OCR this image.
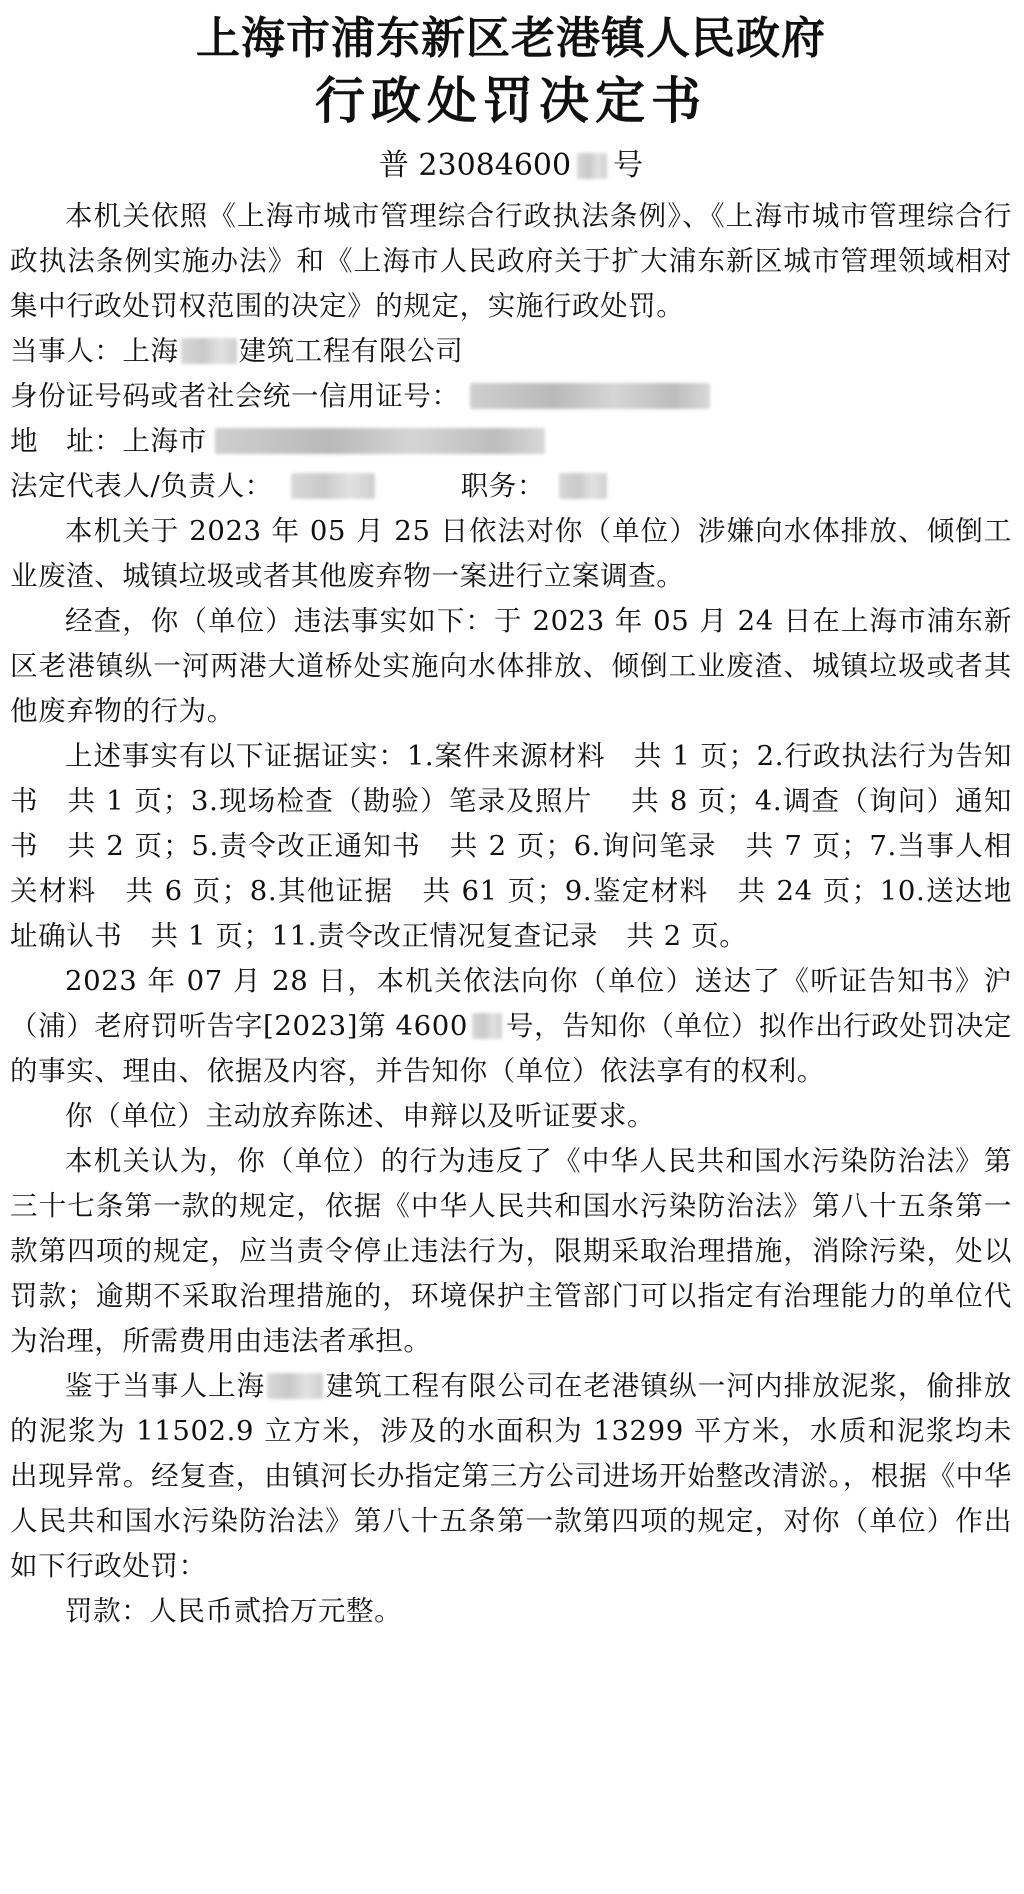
上海市浦东新区老港镇人民政府
行政处罚决定书
普 23084600 号

本机关依照《上海市城市管理综合行政执法条例》、《上海市城市管理综合行政执法条例实施办法》和《上海市人民政府关于扩大浦东新区城市管理领域相对集中行政处罚权范围的决定》的规定，实施行政处罚。

当事人：上海 建筑工程有限公司

身份证号码或者社会统一信用证号：

地　址：上海市

法定代表人/负责人：	职务：

本机关于 2023 年 05 月 25 日依法对你（单位）涉嫌向水体排放、倾倒工业废渣、城镇垃圾或者其他废弃物一案进行立案调查。

经查，你（单位）违法事实如下：于 2023 年 05 月 24 日在上海市浦东新区老港镇纵一河两港大道桥处实施向水体排放、倾倒工业废渣、城镇垃圾或者其他废弃物的行为。

上述事实有以下证据证实：1.案件来源材料　共 1 页；2.行政执法行为告知书　共 1 页；3.现场检查（勘验）笔录及照片　 共 8 页；4.调查（询问）通知书　共 2 页；5.责令改正通知书　共 2 页；6.询问笔录　共 7 页；7.当事人相关材料　共 6 页；8.其他证据　共 61 页；9.鉴定材料　共 24 页；10.送达地址确认书　共 1 页；11.责令改正情况复查记录　共 2 页。

2023 年 07 月 28 日，本机关依法向你（单位）送达了《听证告知书》沪（浦）老府罚听告字[2023]第 4600 号，告知你（单位）拟作出行政处罚决定的事实、理由、依据及内容，并告知你（单位）依法享有的权利。

你（单位）主动放弃陈述、申辩以及听证要求。

本机关认为，你（单位）的行为违反了《中华人民共和国水污染防治法》第三十七条第一款的规定，依据《中华人民共和国水污染防治法》第八十五条第一款第四项的规定，应当责令停止违法行为，限期采取治理措施，消除污染，处以罚款；逾期不采取治理措施的，环境保护主管部门可以指定有治理能力的单位代为治理，所需费用由违法者承担。

鉴于当事人上海 建筑工程有限公司在老港镇纵一河内排放泥浆，偷排放的泥浆为 11502.9 立方米，涉及的水面积为 13299 平方米，水质和泥浆均未出现异常。经复查，由镇河长办指定第三方公司进场开始整改清淤。，根据《中华人民共和国水污染防治法》第八十五条第一款第四项的规定，对你（单位）作出如下行政处罚：

罚款：人民币贰拾万元整。
